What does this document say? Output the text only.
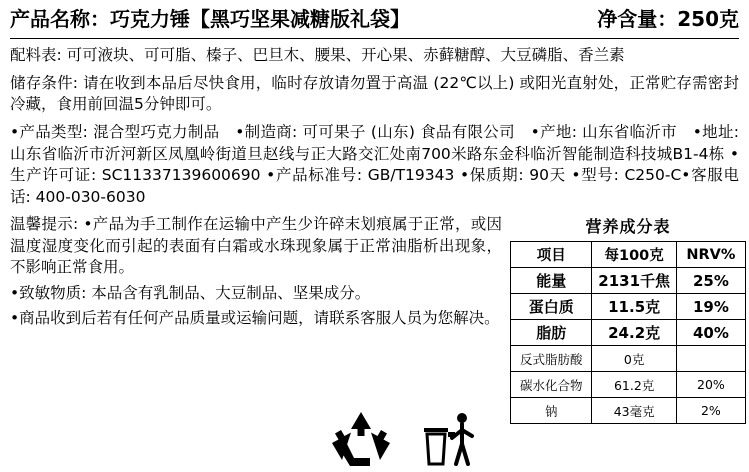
产品名称：巧克力锤【黑巧坚果减糖版礼袋】	净含量：250克
配料表: 可可液块、可可脂、榛子、巴旦木、腰果、开心果、赤藓糖醇、大豆磷脂、香兰素
储存条件: 请在收到本品后尽快食用，临时存放请勿置于高温 (22℃以上) 或阳光直射处，正常贮存需密封冷藏，食用前回温5分钟即可。
•产品类型: 混合型巧克力制品　•制造商: 可可果子 (山东) 食品有限公司　•产地: 山东省临沂市　•地址: 山东省临沂市沂河新区凤凰岭街道旦赵线与正大路交汇处南700米路东金科临沂智能制造科技城B1-4栋 •生产许可证: SC11337139600690 •产品标准号: GB/T19343 •保质期: 90天 •型号: C250-C•客服电话: 400-030-6030

温馨提示: •产品为手工制作在运输中产生少许碎末划痕属于正常，或因温度湿度变化而引起的表面有白霜或水珠现象属于正常油脂析出现象，不影响正常食用。

•致敏物质: 本品含有乳制品、大豆制品、坚果成分。

•商品收到后若有任何产品质量或运输问题，请联系客服人员为您解决。

营养成分表
项目	每100克	NRV%
能量	2131千焦	25%
蛋白质	11.5克	19%
脂肪	24.2克	40%
反式脂肪酸	0克	
碳水化合物	61.2克	20%
钠	43毫克	2%
